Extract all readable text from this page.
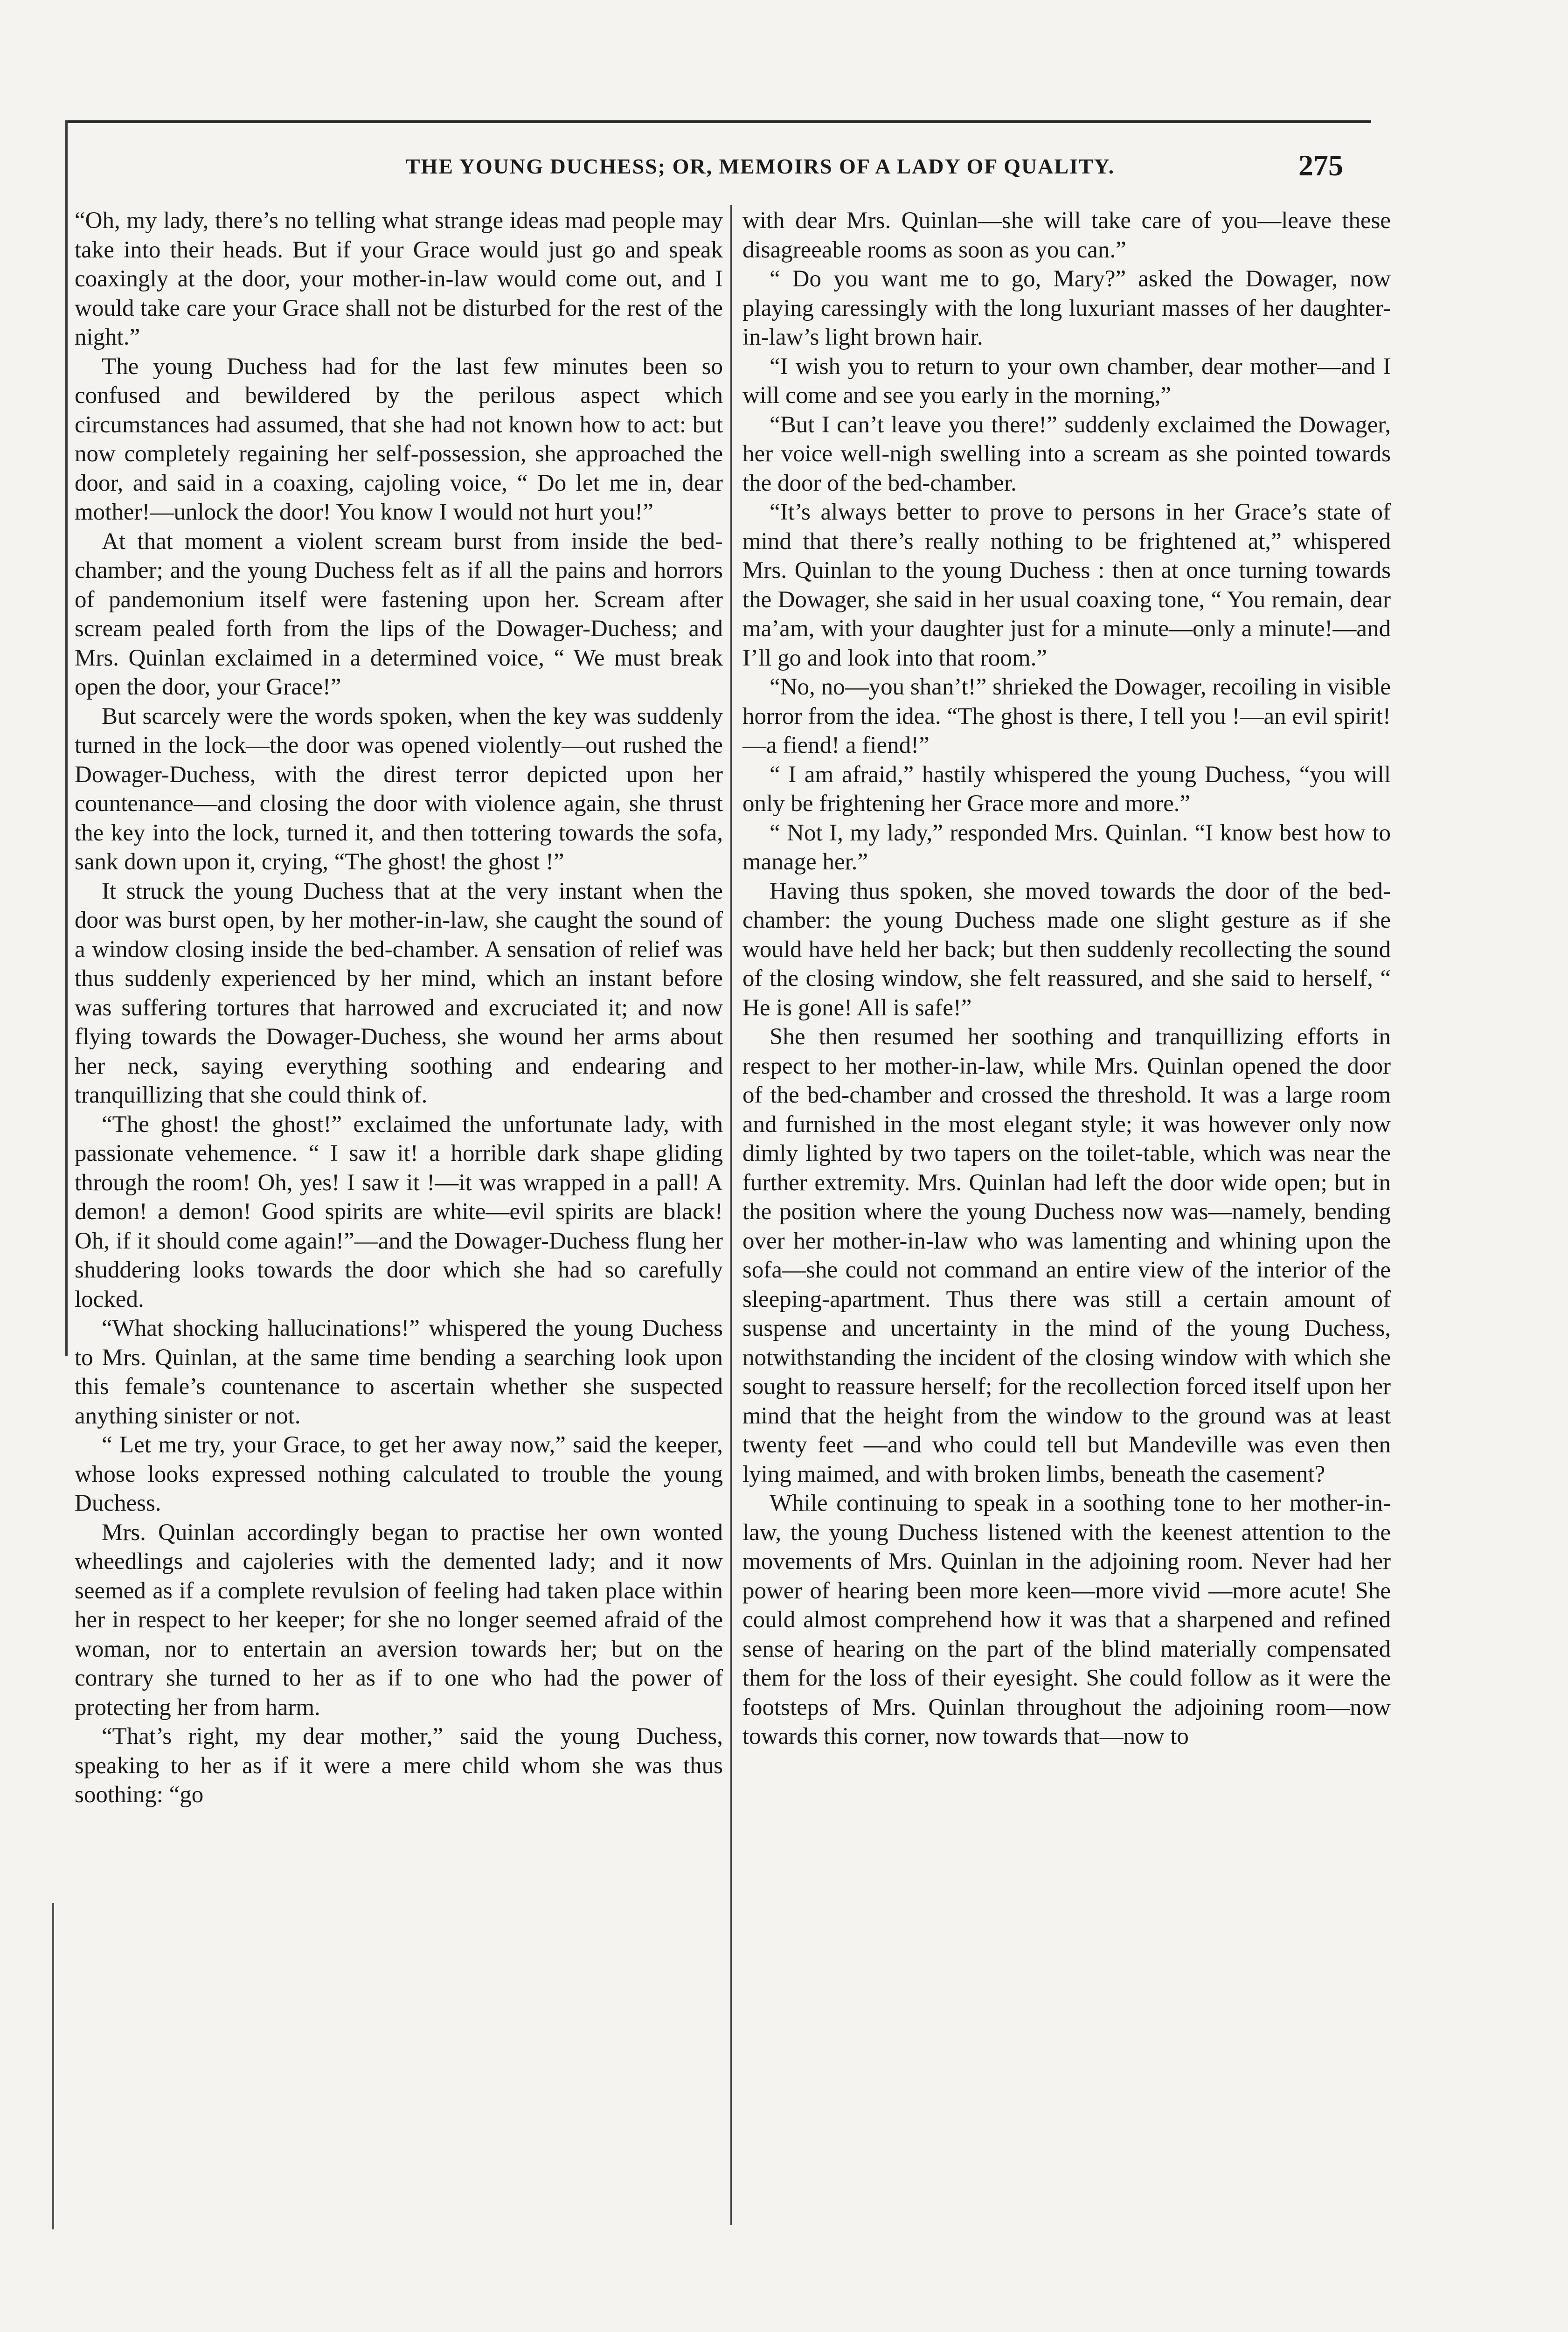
THE YOUNG DUCHESS; OR, MEMOIRS OF A LADY OF QUALITY.	275

“Oh, my lady, there’s no telling what strange ideas mad people may take into their heads. But if your Grace would just go and speak coaxingly at the door, your mother-in-law would come out, and I would take care your Grace shall not be disturbed for the rest of the night.”

The young Duchess had for the last few minutes been so confused and bewildered by the perilous aspect which circumstances had assumed, that she had not known how to act: but now completely regaining her self-possession, she approached the door, and said in a coaxing, cajoling voice, “ Do let me in, dear mother!—unlock the door! You know I would not hurt you!”

At that moment a violent scream burst from inside the bed-chamber; and the young Duchess felt as if all the pains and horrors of pandemonium itself were fastening upon her. Scream after scream pealed forth from the lips of the Dowager-Duchess; and Mrs. Quinlan exclaimed in a determined voice, “ We must break open the door, your Grace!”

But scarcely were the words spoken, when the key was suddenly turned in the lock—the door was opened violently—out rushed the Dowager-Duchess, with the direst terror depicted upon her countenance—and closing the door with violence again, she thrust the key into the lock, turned it, and then tottering towards the sofa, sank down upon it, crying, “The ghost! the ghost !”

It struck the young Duchess that at the very instant when the door was burst open, by her mother-in-law, she caught the sound of a window closing inside the bed-chamber. A sensation of relief was thus suddenly experienced by her mind, which an instant before was suffering tortures that harrowed and excruciated it; and now flying towards the Dowager-Duchess, she wound her arms about her neck, saying everything soothing and endearing and tranquillizing that she could think of.

“The ghost! the ghost!” exclaimed the unfortunate lady, with passionate vehemence. “ I saw it! a horrible dark shape gliding through the room! Oh, yes! I saw it !—it was wrapped in a pall! A demon! a demon! Good spirits are white—evil spirits are black! Oh, if it should come again!”—and the Dowager-Duchess flung her shuddering looks towards the door which she had so carefully locked.

“What shocking hallucinations!” whispered the young Duchess to Mrs. Quinlan, at the same time bending a searching look upon this female’s countenance to ascertain whether she suspected anything sinister or not.

“ Let me try, your Grace, to get her away now,” said the keeper, whose looks expressed nothing calculated to trouble the young Duchess.

Mrs. Quinlan accordingly began to practise her own wonted wheedlings and cajoleries with the demented lady; and it now seemed as if a complete revulsion of feeling had taken place within her in respect to her keeper; for she no longer seemed afraid of the woman, nor to entertain an aversion towards her; but on the contrary she turned to her as if to one who had the power of protecting her from harm.

“That’s right, my dear mother,” said the young Duchess, speaking to her as if it were a mere child whom she was thus soothing: “go

with dear Mrs. Quinlan—she will take care of you—leave these disagreeable rooms as soon as you can.”

“ Do you want me to go, Mary?” asked the Dowager, now playing caressingly with the long luxuriant masses of her daughter-in-law’s light brown hair.

“I wish you to return to your own chamber, dear mother—and I will come and see you early in the morning,”

“But I can’t leave you there!” suddenly exclaimed the Dowager, her voice well-nigh swelling into a scream as she pointed towards the door of the bed-chamber.

“It’s always better to prove to persons in her Grace’s state of mind that there’s really nothing to be frightened at,” whispered Mrs. Quinlan to the young Duchess : then at once turning towards the Dowager, she said in her usual coaxing tone, “ You remain, dear ma’am, with your daughter just for a minute—only a minute!—and I’ll go and look into that room.”

“No, no—you shan’t!” shrieked the Dowager, recoiling in visible horror from the idea. “The ghost is there, I tell you !—an evil spirit!—a fiend! a fiend!”

“ I am afraid,” hastily whispered the young Duchess, “you will only be frightening her Grace more and more.”

“ Not I, my lady,” responded Mrs. Quinlan. “I know best how to manage her.”

Having thus spoken, she moved towards the door of the bed-chamber: the young Duchess made one slight gesture as if she would have held her back; but then suddenly recollecting the sound of the closing window, she felt reassured, and she said to herself, “ He is gone! All is safe!”

She then resumed her soothing and tranquillizing efforts in respect to her mother-in-law, while Mrs. Quinlan opened the door of the bed-chamber and crossed the threshold. It was a large room and furnished in the most elegant style; it was however only now dimly lighted by two tapers on the toilet-table, which was near the further extremity. Mrs. Quinlan had left the door wide open; but in the position where the young Duchess now was—namely, bending over her mother-in-law who was lamenting and whining upon the sofa—she could not command an entire view of the interior of the sleeping-apartment. Thus there was still a certain amount of suspense and uncertainty in the mind of the young Duchess, notwithstanding the incident of the closing window with which she sought to reassure herself; for the recollection forced itself upon her mind that the height from the window to the ground was at least twenty feet —and who could tell but Mandeville was even then lying maimed, and with broken limbs, beneath the casement?

While continuing to speak in a soothing tone to her mother-in-law, the young Duchess listened with the keenest attention to the movements of Mrs. Quinlan in the adjoining room. Never had her power of hearing been more keen—more vivid —more acute! She could almost comprehend how it was that a sharpened and refined sense of hearing on the part of the blind materially compensated them for the loss of their eyesight. She could follow as it were the footsteps of Mrs. Quinlan throughout the adjoining room—now towards this corner, now towards that—now to
